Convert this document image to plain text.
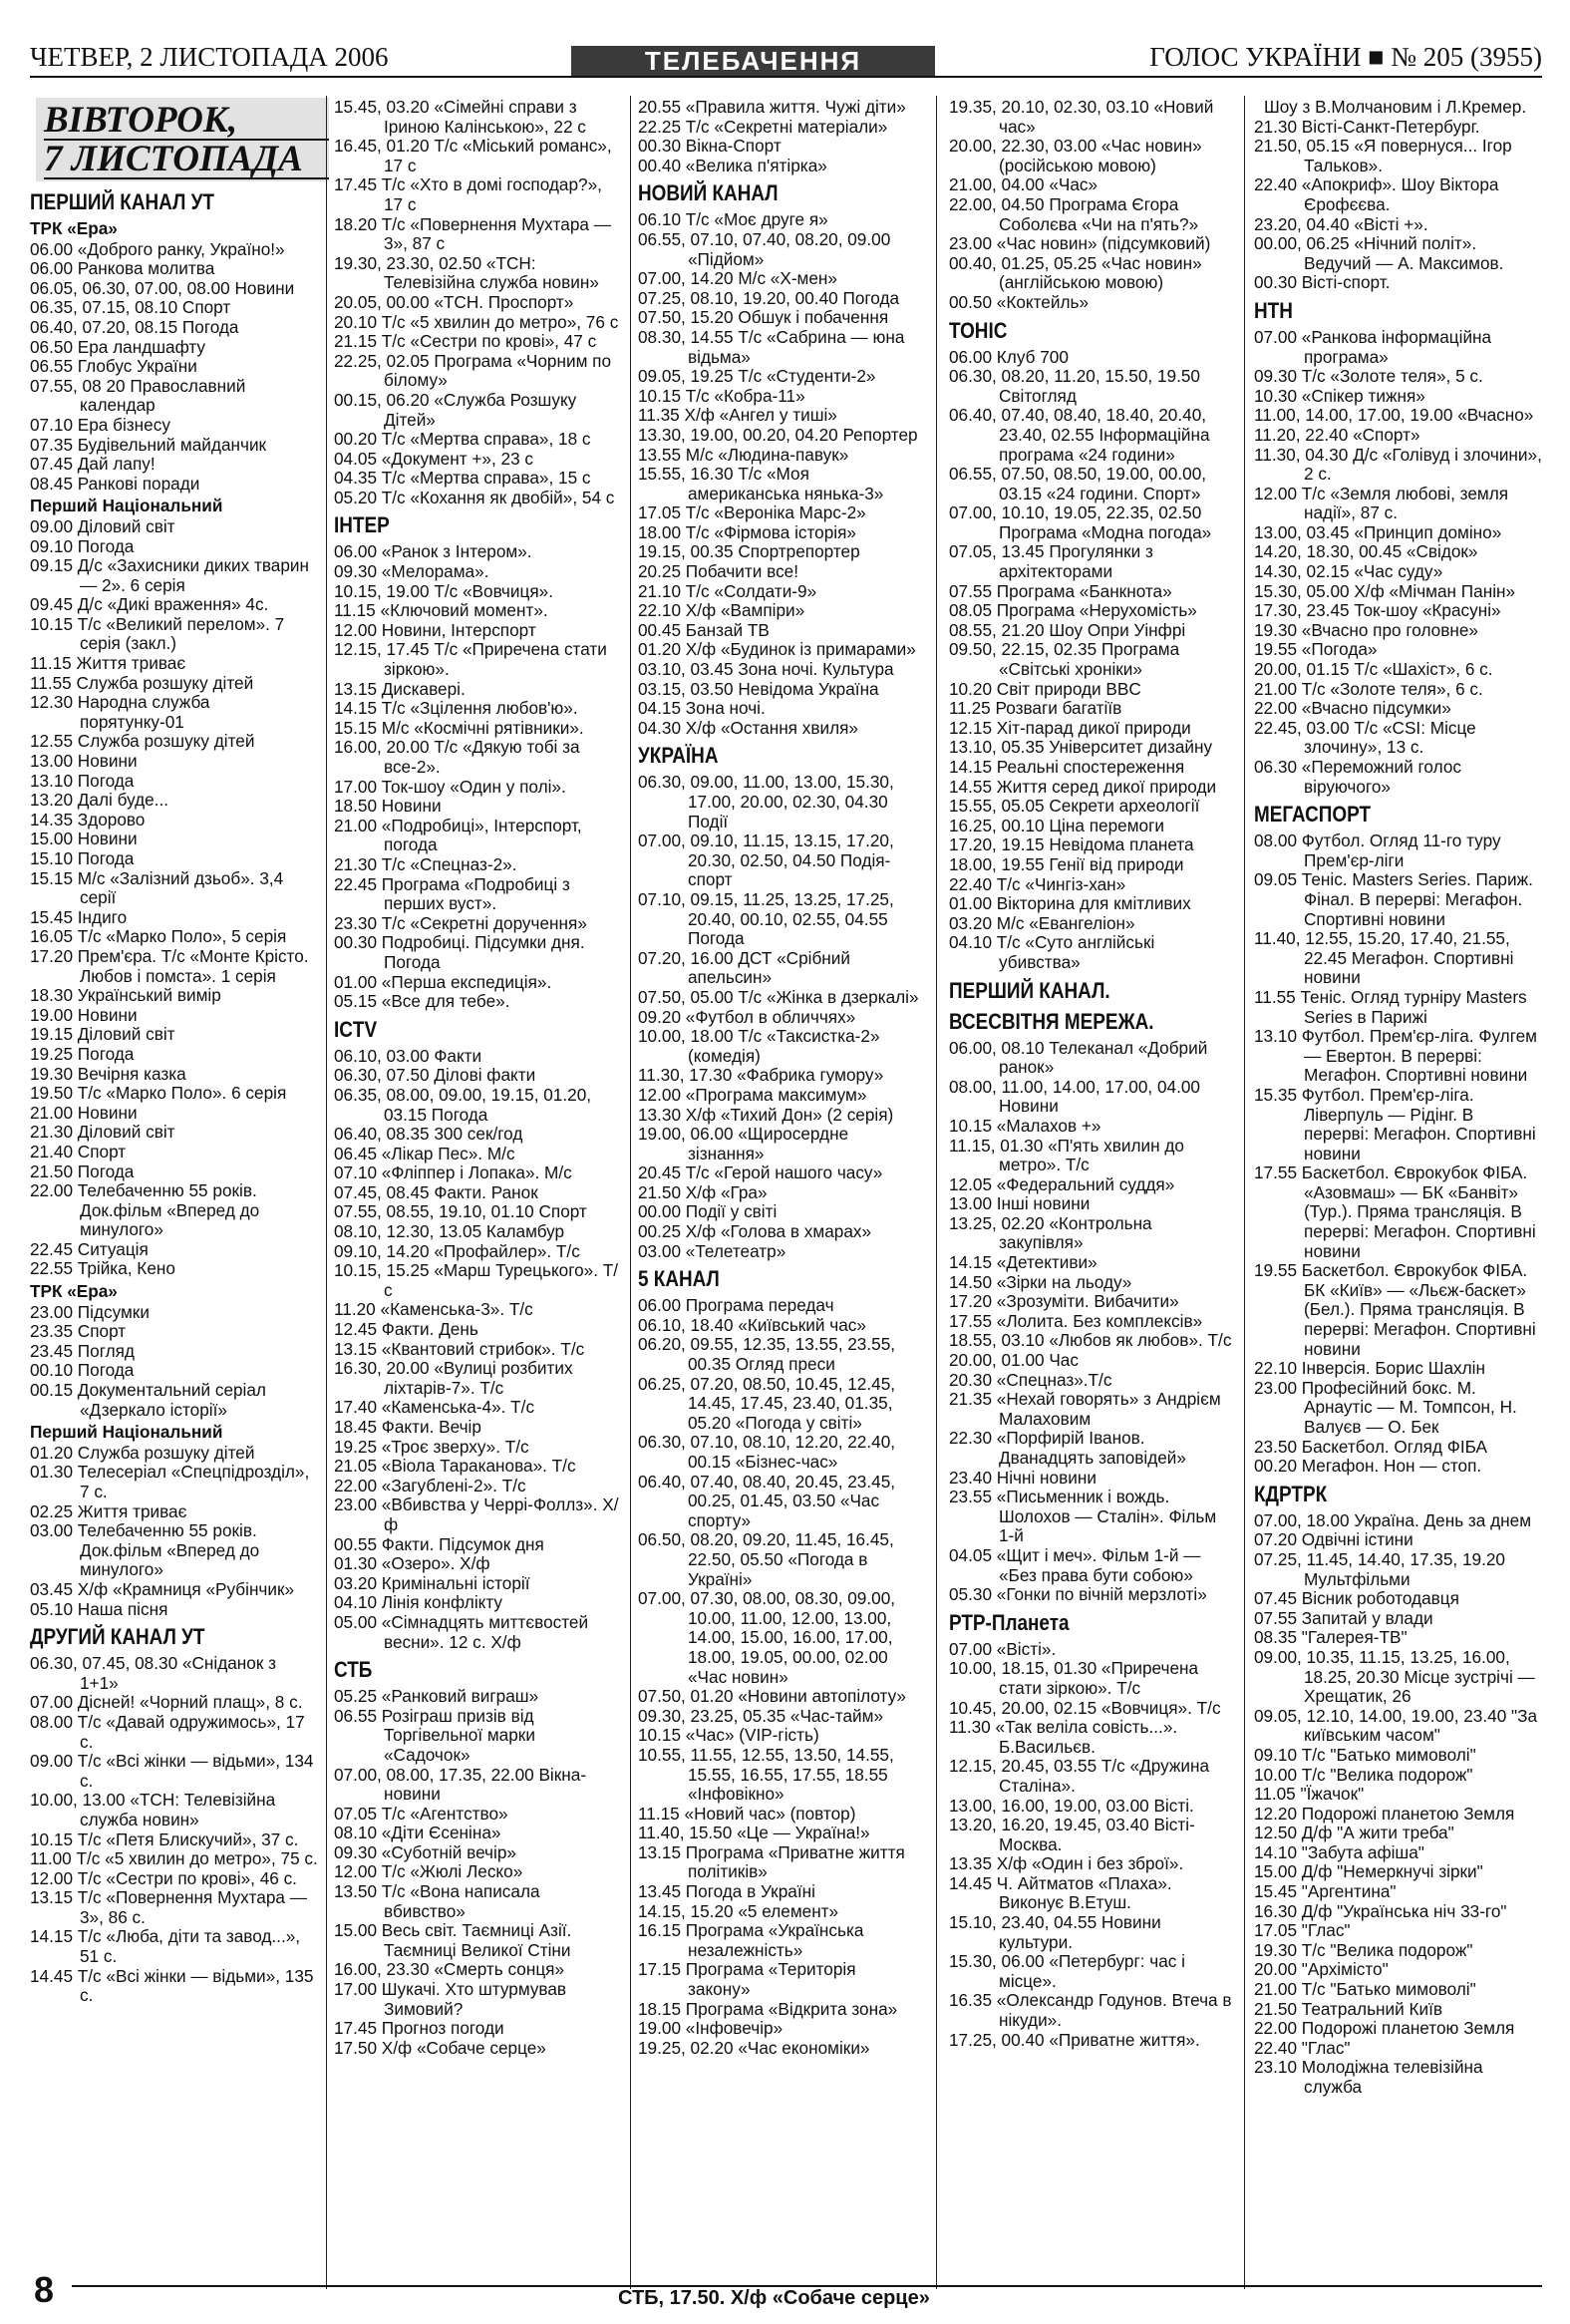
ЧЕТВЕР, 2 ЛИСТОПАДА 2006	ТЕЛЕБАЧЕННЯ	ГОЛОС УКРАЇНИ ■ № 205 (3955)
ВІВТОРОК,
7 ЛИСТОПАДА

ПЕРШИЙ КАНАЛ УТ

ТРК «Ера»

06.00 «Доброго ранку, Україно!»

06.00 Ранкова молитва

06.05, 06.30, 07.00, 08.00 Новини

06.35, 07.15, 08.10 Спорт

06.40, 07.20, 08.15 Погода

06.50 Ера ландшафту

06.55 Глобус України

07.55, 08 20 Православний календар

07.10 Ера бізнесу

07.35 Будівельний майданчик

07.45 Дай лапу!

08.45 Ранкові поради

Перший Національний

09.00 Діловий світ

09.10 Погода

09.15 Д/с «Захисники диких тварин — 2». 6 серія

09.45 Д/с «Дикі враження» 4с.

10.15 Т/с «Великий перелом». 7 серія (закл.)

11.15 Життя триває

11.55 Служба розшуку дітей

12.30 Народна служба порятунку-01

12.55 Служба розшуку дітей

13.00 Новини

13.10 Погода

13.20 Далі буде...

14.35 Здорово

15.00 Новини

15.10 Погода

15.15 М/с «Залізний дзьоб». 3,4 серії

15.45 Індиго

16.05 Т/с «Марко Поло», 5 серія

17.20 Прем'єра. Т/с «Монте Крісто. Любов і помста». 1 серія

18.30 Український вимір

19.00 Новини

19.15 Діловий світ

19.25 Погода

19.30 Вечірня казка

19.50 Т/с «Марко Поло». 6 серія

21.00 Новини

21.30 Діловий світ

21.40 Спорт

21.50 Погода

22.00 Телебаченню 55 років. Док.фільм «Вперед до минулого»

22.45 Ситуація

22.55 Трійка, Кено

ТРК «Ера»

23.00 Підсумки

23.35 Спорт

23.45 Погляд

00.10 Погода

00.15 Документальний серіал «Дзеркало історії»

Перший Національний

01.20 Служба розшуку дітей

01.30 Телесеріал «Спецпідрозділ», 7 с.

02.25 Життя триває

03.00 Телебаченню 55 років. Док.фільм «Вперед до минулого»

03.45 Х/ф «Крамниця «Рубінчик»

05.10 Наша пісня

ДРУГИЙ КАНАЛ УТ

06.30, 07.45, 08.30 «Сніданок з 1+1»

07.00 Дісней! «Чорний плащ», 8 с.

08.00 Т/с «Давай одружимось», 17 с.

09.00 Т/с «Всі жінки — відьми», 134 с.

10.00, 13.00 «ТСН: Телевізійна служба новин»

10.15 Т/с «Петя Блискучий», 37 с.

11.00 Т/с «5 хвилин до метро», 75 с.

12.00 Т/с «Сестри по крові», 46 с.

13.15 Т/с «Повернення Мухтара — 3», 86 с.

14.15 Т/с «Люба, діти та завод...», 51 с.

14.45 Т/с «Всі жінки — відьми», 135 с.

15.45, 03.20 «Сімейні справи з Іриною Калінською», 22 с

16.45, 01.20 Т/с «Міський романс», 17 с

17.45 Т/с «Хто в домі господар?», 17 с

18.20 Т/с «Повернення Мухтара — 3», 87 с

19.30, 23.30, 02.50 «ТСН: Телевізійна служба новин»

20.05, 00.00 «ТСН. Проспорт»

20.10 Т/с «5 хвилин до метро», 76 с

21.15 Т/с «Сестри по крові», 47 с

22.25, 02.05 Програма «Чорним по білому»

00.15, 06.20 «Служба Розшуку Дітей»

00.20 Т/с «Мертва справа», 18 с

04.05 «Документ +», 23 с

04.35 Т/с «Мертва справа», 15 с

05.20 Т/с «Кохання як двобій», 54 с

ІНТЕР

06.00 «Ранок з Інтером».

09.30 «Мелорама».

10.15, 19.00 Т/с «Вовчиця».

11.15 «Ключовий момент».

12.00 Новини, Інтерспорт

12.15, 17.45 Т/с «Приречена стати зіркою».

13.15 Дискавері.

14.15 Т/с «Зцілення любов'ю».

15.15 М/с «Космічні рятівники».

16.00, 20.00 Т/с «Дякую тобі за все-2».

17.00 Ток-шоу «Один у полі».

18.50 Новини

21.00 «Подробиці», Інтерспорт, погода

21.30 Т/с «Спецназ-2».

22.45 Програма «Подробиці з перших вуст».

23.30 Т/с «Секретні доручення»

00.30 Подробиці. Підсумки дня. Погода

01.00 «Перша експедиція».

05.15 «Все для тебе».

ICTV

06.10, 03.00 Факти

06.30, 07.50 Ділові факти

06.35, 08.00, 09.00, 19.15, 01.20, 03.15 Погода

06.40, 08.35 300 сек/год

06.45 «Лікар Пес». М/с

07.10 «Фліппер і Лопака». М/с

07.45, 08.45 Факти. Ранок

07.55, 08.55, 19.10, 01.10 Спорт

08.10, 12.30, 13.05 Каламбур

09.10, 14.20 «Профайлер». Т/с

10.15, 15.25 «Марш Турецького». Т/с

11.20 «Каменська-3». Т/с

12.45 Факти. День

13.15 «Квантовий стрибок». Т/с

16.30, 20.00 «Вулиці розбитих ліхтарів-7». Т/с

17.40 «Каменська-4». Т/с

18.45 Факти. Вечір

19.25 «Троє зверху». Т/с

21.05 «Віола Тараканова». Т/с

22.00 «Загублені-2». Т/с

23.00 «Вбивства у Черрі-Фоллз». Х/ф

00.55 Факти. Підсумок дня

01.30 «Озеро». Х/ф

03.20 Кримінальні історії

04.10 Лінія конфлікту

05.00 «Сімнадцять миттєвостей весни». 12 с. Х/ф

СТБ

05.25 «Ранковий виграш»

06.55 Розіграш призів від Торгівельної марки «Садочок»

07.00, 08.00, 17.35, 22.00 Вікна-новини

07.05 Т/с «Агентство»

08.10 «Діти Єсеніна»

09.30 «Суботній вечір»

12.00 Т/с «Жюлі Леско»

13.50 Т/с «Вона написала вбивство»

15.00 Весь світ. Таємниці Азії. Таємниці Великої Стіни

16.00, 23.30 «Смерть сонця»

17.00 Шукачі. Хто штурмував Зимовий?

17.45 Прогноз погоди

17.50 Х/ф «Собаче серце»

20.55 «Правила життя. Чужі діти»

22.25 Т/с «Секретні матеріали»

00.30 Вікна-Спорт

00.40 «Велика п'ятірка»

НОВИЙ КАНАЛ

06.10 Т/с «Моє друге я»

06.55, 07.10, 07.40, 08.20, 09.00 «Підйом»

07.00, 14.20 М/с «Х-мен»

07.25, 08.10, 19.20, 00.40 Погода

07.50, 15.20 Обшук і побачення

08.30, 14.55 Т/с «Сабрина — юна відьма»

09.05, 19.25 Т/с «Студенти-2»

10.15 Т/с «Кобра-11»

11.35 Х/ф «Ангел у тиші»

13.30, 19.00, 00.20, 04.20 Репортер

13.55 М/с «Людина-павук»

15.55, 16.30 Т/с «Моя американська нянька-3»

17.05 Т/с «Вероніка Марс-2»

18.00 Т/с «Фірмова історія»

19.15, 00.35 Спортрепортер

20.25 Побачити все!

21.10 Т/с «Солдати-9»

22.10 Х/ф «Вампіри»

00.45 Банзай ТВ

01.20 Х/ф «Будинок із примарами»

03.10, 03.45 Зона ночі. Культура

03.15, 03.50 Невідома Україна

04.15 Зона ночі.

04.30 Х/ф «Остання хвиля»

УКРАЇНА

06.30, 09.00, 11.00, 13.00, 15.30, 17.00, 20.00, 02.30, 04.30 Події

07.00, 09.10, 11.15, 13.15, 17.20, 20.30, 02.50, 04.50 Подія-спорт

07.10, 09.15, 11.25, 13.25, 17.25, 20.40, 00.10, 02.55, 04.55 Погода

07.20, 16.00 ДСТ «Срібний апельсин»

07.50, 05.00 Т/с «Жінка в дзеркалі»

09.20 «Футбол в обличчях»

10.00, 18.00 Т/с «Таксистка-2» (комедія)

11.30, 17.30 «Фабрика гумору»

12.00 «Програма максимум»

13.30 Х/ф «Тихий Дон» (2 серія)

19.00, 06.00 «Щиросердне зізнання»

20.45 Т/с «Герой нашого часу»

21.50 Х/ф «Гра»

00.00 Події у світі

00.25 Х/ф «Голова в хмарах»

03.00 «Телетеатр»

5 КАНАЛ

06.00 Програма передач

06.10, 18.40 «Київський час»

06.20, 09.55, 12.35, 13.55, 23.55, 00.35 Огляд преси

06.25, 07.20, 08.50, 10.45, 12.45, 14.45, 17.45, 23.40, 01.35, 05.20 «Погода у світі»

06.30, 07.10, 08.10, 12.20, 22.40, 00.15 «Бізнес-час»

06.40, 07.40, 08.40, 20.45, 23.45, 00.25, 01.45, 03.50 «Час спорту»

06.50, 08.20, 09.20, 11.45, 16.45, 22.50, 05.50 «Погода в Україні»

07.00, 07.30, 08.00, 08.30, 09.00, 10.00, 11.00, 12.00, 13.00, 14.00, 15.00, 16.00, 17.00, 18.00, 19.05, 00.00, 02.00 «Час новин»

07.50, 01.20 «Новини автопілоту»

09.30, 23.25, 05.35 «Час-тайм»

10.15 «Час» (VIP-гість)

10.55, 11.55, 12.55, 13.50, 14.55, 15.55, 16.55, 17.55, 18.55 «Інфовікно»

11.15 «Новий час» (повтор)

11.40, 15.50 «Це — Україна!»

13.15 Програма «Приватне життя політиків»

13.45 Погода в Україні

14.15, 15.20 «5 елемент»

16.15 Програма «Українська незалежність»

17.15 Програма «Територія закону»

18.15 Програма «Відкрита зона»

19.00 «Інфовечір»

19.25, 02.20 «Час економіки»

19.35, 20.10, 02.30, 03.10 «Новий час»

20.00, 22.30, 03.00 «Час новин» (російською мовою)

21.00, 04.00 «Час»

22.00, 04.50 Програма Єгора Соболєва «Чи на п'ять?»

23.00 «Час новин» (підсумковий)

00.40, 01.25, 05.25 «Час новин» (англійською мовою)

00.50 «Коктейль»

ТОНІС

06.00 Клуб 700

06.30, 08.20, 11.20, 15.50, 19.50 Світогляд

06.40, 07.40, 08.40, 18.40, 20.40, 23.40, 02.55 Інформаційна програма «24 години»

06.55, 07.50, 08.50, 19.00, 00.00, 03.15 «24 години. Спорт»

07.00, 10.10, 19.05, 22.35, 02.50 Програма «Модна погода»

07.05, 13.45 Прогулянки з архітекторами

07.55 Програма «Банкнота»

08.05 Програма «Нерухомість»

08.55, 21.20 Шоу Опри Уінфрі

09.50, 22.15, 02.35 Програма «Світські хроніки»

10.20 Світ природи BBC

11.25 Розваги багатіїв

12.15 Хіт-парад дикої природи

13.10, 05.35 Університет дизайну

14.15 Реальні спостереження

14.55 Життя серед дикої природи

15.55, 05.05 Секрети археології

16.25, 00.10 Ціна перемоги

17.20, 19.15 Невідома планета

18.00, 19.55 Генії від природи

22.40 Т/с «Чингіз-хан»

01.00 Вікторина для кмітливих

03.20 М/с «Евангеліон»

04.10 Т/с «Суто англійські убивства»

ПЕРШИЙ КАНАЛ.

ВСЕСВІТНЯ МЕРЕЖА.

06.00, 08.10 Телеканал «Добрий ранок»

08.00, 11.00, 14.00, 17.00, 04.00 Новини

10.15 «Малахов +»

11.15, 01.30 «П'ять хвилин до метро». Т/с

12.05 «Федеральний суддя»

13.00 Інші новини

13.25, 02.20 «Контрольна закупівля»

14.15 «Детективи»

14.50 «Зірки на льоду»

17.20 «Зрозуміти. Вибачити»

17.55 «Лолита. Без комплексів»

18.55, 03.10 «Любов як любов». Т/с

20.00, 01.00 Час

20.30 «Спецназ».Т/с

21.35 «Нехай говорять» з Андрієм Малаховим

22.30 «Порфирій Іванов. Дванадцять заповідей»

23.40 Нічні новини

23.55 «Письменник і вождь. Шолохов — Сталін». Фільм 1-й

04.05 «Щит і меч». Фільм 1-й — «Без права бути собою»

05.30 «Гонки по вічній мерзлоті»

РТР-Планета

07.00 «Вісті».

10.00, 18.15, 01.30 «Приречена стати зіркою». Т/с

10.45, 20.00, 02.15 «Вовчиця». Т/с

11.30 «Так веліла совість...». Б.Васильєв.

12.15, 20.45, 03.55 Т/с «Дружина Сталіна».

13.00, 16.00, 19.00, 03.00 Вісті.

13.20, 16.20, 19.45, 03.40 Вісті-Москва.

13.35 Х/ф «Один і без зброї».

14.45 Ч. Айтматов «Плаха». Виконує В.Етуш.

15.10, 23.40, 04.55 Новини культури.

15.30, 06.00 «Петербург: час і місце».

16.35 «Олександр Годунов. Втеча в нікуди».

17.25, 00.40 «Приватне життя».

Шоу з В.Молчановим і Л.Кремер.

21.30 Вісті-Санкт-Петербург.

21.50, 05.15 «Я повернуся... Ігор Тальков».

22.40 «Апокриф». Шоу Віктора Єрофєєва.

23.20, 04.40 «Вісті +».

00.00, 06.25 «Нічний політ». Ведучий — А. Максимов.

00.30 Вісті-спорт.

НТН

07.00 «Ранкова інформаційна програма»

09.30 Т/с «Золоте теля», 5 с.

10.30 «Спікер тижня»

11.00, 14.00, 17.00, 19.00 «Вчасно»

11.20, 22.40 «Спорт»

11.30, 04.30 Д/с «Голівуд і злочини», 2 с.

12.00 Т/с «Земля любові, земля надії», 87 с.

13.00, 03.45 «Принцип доміно»

14.20, 18.30, 00.45 «Свідок»

14.30, 02.15 «Час суду»

15.30, 05.00 Х/ф «Мічман Панін»

17.30, 23.45 Ток-шоу «Красуні»

19.30 «Вчасно про головне»

19.55 «Погода»

20.00, 01.15 Т/с «Шахіст», 6 с.

21.00 Т/с «Золоте теля», 6 с.

22.00 «Вчасно підсумки»

22.45, 03.00 Т/с «CSI: Місце злочину», 13 с.

06.30 «Переможний голос віруючого»

МЕГАСПОРТ

08.00 Футбол. Огляд 11-го туру Прем'єр-ліги

09.05 Теніс. Masters Series. Париж. Фінал. В перерві: Мегафон. Спортивні новини

11.40, 12.55, 15.20, 17.40, 21.55, 22.45 Мегафон. Спортивні новини

11.55 Теніс. Огляд турніру Masters Series в Парижі

13.10 Футбол. Прем'єр-ліга. Фулгем — Евертон. В перерві: Мегафон. Спортивні новини

15.35 Футбол. Прем'єр-ліга. Ліверпуль — Рідінг. В перерві: Мегафон. Спортивні новини

17.55 Баскетбол. Єврокубок ФІБА. «Азовмаш» — БК «Банвіт» (Тур.). Пряма трансляція. В перерві: Мегафон. Спортивні новини

19.55 Баскетбол. Єврокубок ФІБА. БК «Київ» — «Льєж-баскет» (Бел.). Пряма трансляція. В перерві: Мегафон. Спортивні новини

22.10 Інверсія. Борис Шахлін

23.00 Професійний бокс. М. Арнаутіс — М. Томпсон, Н. Валуєв — О. Бек

23.50 Баскетбол. Огляд ФІБА

00.20 Мегафон. Нон — стоп.

КДРТРК

07.00, 18.00 Україна. День за днем

07.20 Одвічні істини

07.25, 11.45, 14.40, 17.35, 19.20 Мультфільми

07.45 Вісник роботодавця

07.55 Запитай у влади

08.35 "Галерея-ТВ"

09.00, 10.35, 11.15, 13.25, 16.00, 18.25, 20.30 Місце зустрічі — Хрещатик, 26

09.05, 12.10, 14.00, 19.00, 23.40 "За київським часом"

09.10 Т/с "Батько мимоволі"

10.00 Т/с "Велика подорож"

11.05 "Їжачок"

12.20 Подорожі планетою Земля

12.50 Д/ф "А жити треба"

14.10 "Забута афіша"

15.00 Д/ф "Немеркнучі зірки"

15.45 "Аргентина"

16.30 Д/ф "Українська ніч 33-го"

17.05 "Глас"

19.30 Т/с "Велика подорож"

20.00 "Архімісто"

21.00 Т/с "Батько мимоволі"

21.50 Театральний Київ

22.00 Подорожі планетою Земля

22.40 "Глас"

23.10 Молодіжна телевізійна служба

8	СТБ, 17.50. Х/ф «Собаче серце»
